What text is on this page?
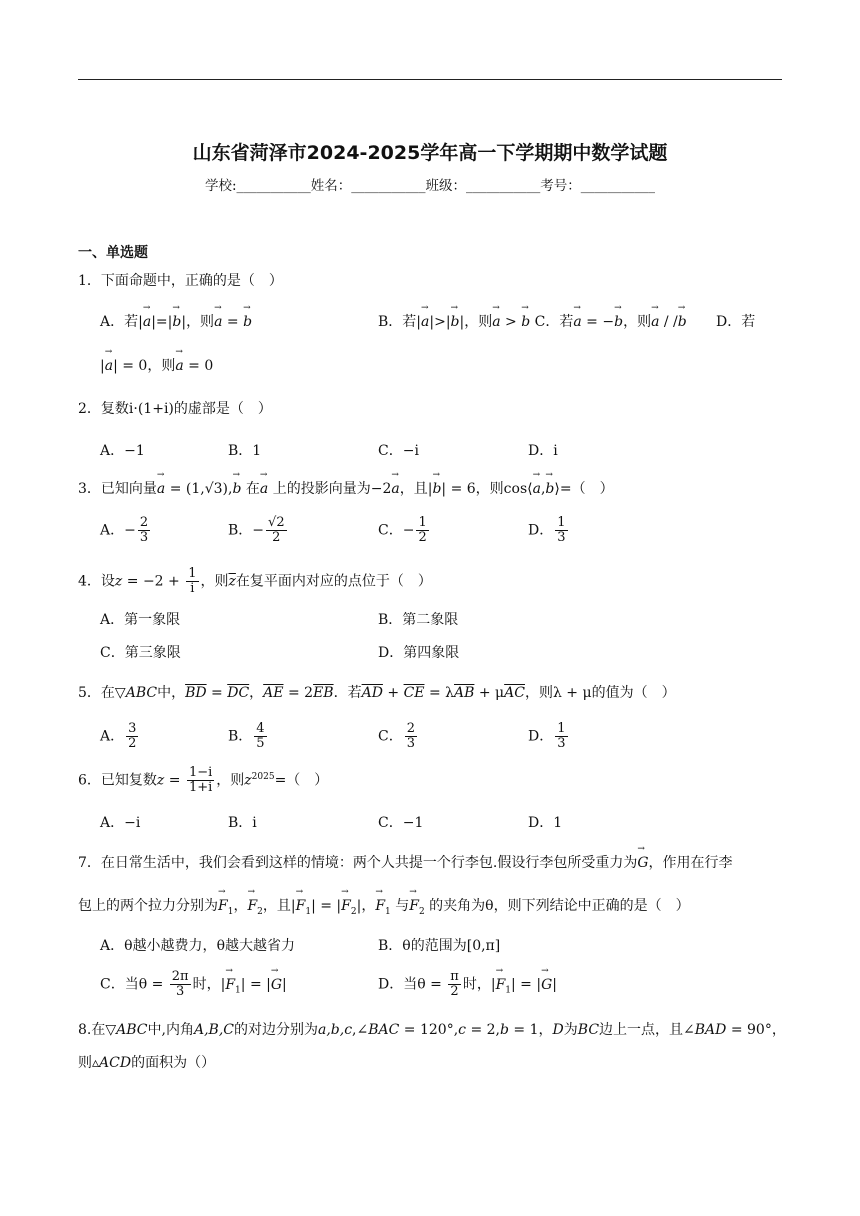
山东省菏泽市2024-2025学年高一下学期期中数学试题
学校:___________姓名：___________班级：___________考号：___________
一、单选题
1．下面命题中，正确的是（　）
A．若|→ a|=|→ b|，则→ a = → b	B．若|→ a|>|→ b|，则→ a > → b C．若→ a = −→ b，则→ a / /→ b D．若
|→ a| = 0，则→ a = 0
2．复数i·(1+i)的虚部是（　）
A．−1	B．1	C．−i	D．i
3．已知向量→ a = (1,√3),→ b 在→ a 上的投影向量为−2→ a，且|→ b| = 6，则cos⟨→ a,→ b⟩=（　）
A．− $\frac{2}{3}$	B．− $\frac{√2}{2}$	C．− $\frac{1}{2}$	D． $\frac{1}{3}$
4．设$z = -2 + \frac{1}{i}$ ，则$\overline{z}$在复平面内对应的点位于（　）
A．第一象限	B．第二象限
C．第三象限	D．第四象限
5．在▽ABC中，$\overline{BD} = \overline{DC}$，$\overline{AE} = 2\overline{EB}$．若$\overline{AD} + \overline{CE} = \lambda\overline{AB} + \mu\overline{AC}$，则λ + μ的值为（　）
A． $\frac{3}{2}$	B． $\frac{4}{5}$	C． $\frac{2}{3}$	D． $\frac{1}{3}$
6．已知复数$z = \frac{1-i}{1+i}$ ，则$z^{2025}=$（　）
A．−i	B．i	C．−1	D．1
7．在日常生活中，我们会看到这样的情境：两个人共提一个行李包.假设行李包所受重力为→ G，作用在行李
包上的两个拉力分别为→ $F_1$，→ $F_2$，且|→ $F_1|$ = |→ $F_2|$，→ $F_1$ 与→ $F_2$ 的夹角为θ，则下列结论中正确的是（　）
A．θ越小越费力，θ越大越省力	B．θ的范围为[0,π]
C．当$\theta = \frac{2\pi}{3}$ 时，|→ $F_1|$ = |→ G|	D．当$\theta = \frac{\pi}{2}$ 时，|→ $F_1|$ = |→ G|
8.在▽ABC中,内角A,B,C的对边分别为a,b,c,∠BAC = 120°,c = 2,b = 1，D为BC边上一点，且∠BAD = 90°，
则▵ACD的面积为（）
